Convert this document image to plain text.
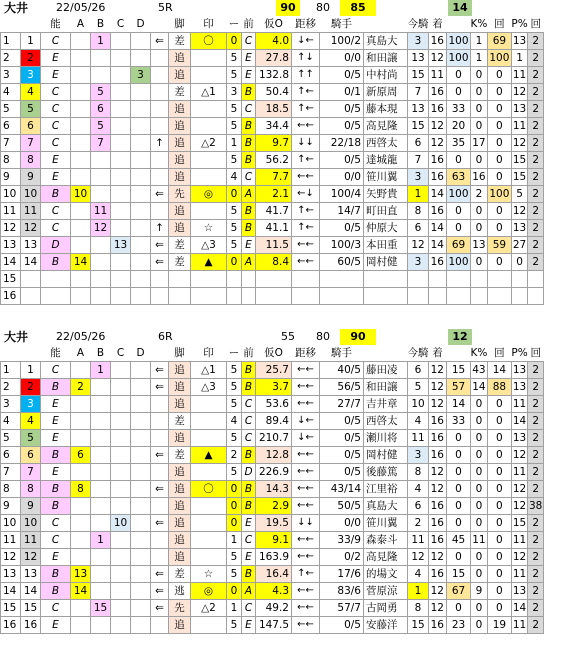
大井	22/05/26	5R	90	80	85	14
		能	A	B	C	D		脚	印	ー	前	仮O	距移	騎手		今騎	着		K%	回	P%	回
1	1	C		1			⇐	差	〇	0	C	4.0	↓←	100/2	真島大	3	16	100	1	69	13	2
2	2	E						追		5	E	27.8	↑↓	0/0	和田譲	13	12	100	1	100	1	2
3	3	E				3		追		5	E	132.8	↑↑	0/5	中村尚	15	11	0	0	0	11	2
4	4	C		5				差	△1	3	B	50.4	↑←	0/1	新原周	7	16	0	0	0	12	2
5	5	C		6				追		5	C	18.5	↑←	0/5	藤本現	13	16	33	0	0	13	2
6	6	C		5				追		5	B	34.4	←←	0/5	高見隆	15	12	20	0	0	11	2
7	7	C		7			↑	追	△2	1	B	9.7	↓↓	22/18	西啓太	6	12	35	17	0	12	2
8	8	E						追		5	B	56.2	↑←	0/5	達城龍	7	16	0	0	0	15	2
9	9	E						追		4	C	7.7	←←	0/0	笹川翼	3	16	63	16	0	15	2
10	10	B	10				⇐	先	◎	0	A	2.1	←↓	100/4	矢野貴	1	14	100	2	100	5	2
11	11	C		11				追		5	B	41.7	↑←	14/7	町田直	8	16	0	0	0	12	2
12	12	C		12			↑	追	☆	5	B	41.1	↑←	0/5	仲原大	6	14	0	0	0	13	2
13	13	D			13		⇐	差	△3	5	E	11.5	←←	100/3	本田重	12	14	69	13	59	27	2
14	14	B	14				⇐	差	▲	0	A	8.4	←←	60/5	岡村健	3	16	100	0	0	0	2
15																						
16																						
大井	22/05/26	6R	55	80	90	12
		能	A	B	C	D		脚	印	ー	前	仮O	距移	騎手		今騎	着		K%	回	P%	回
1	1	C		1			⇐	追	△1	5	B	25.7	←←	40/5	藤田凌	6	12	15	43	14	13	2
2	2	B	2				⇐	追	△3	5	B	3.7	←←	56/5	和田譲	5	12	57	14	88	13	2
3	3	E						追		5	C	53.6	←←	27/7	吉井章	10	12	14	0	0	11	2
4	4	E						差		4	C	89.4	↓←	0/5	西啓太	4	16	33	0	0	14	2
5	5	E						追		5	C	210.7	↓←	0/5	瀬川将	11	16	0	0	0	13	2
6	6	B	6				⇐	差	▲	2	B	12.8	←←	0/5	岡村健	3	16	0	0	0	12	2
7	7	E						追		5	D	226.9	←←	0/5	後藤篤	8	12	0	0	0	11	2
8	8	B	8				⇐	追	〇	0	B	14.3	←←	43/14	江里裕	4	12	0	0	0	12	2
9	9	B						追		0	B	2.9	←←	50/5	真島大	6	16	0	0	0	12	38
10	10	C			10		⇐	追		0	E	19.5	↓↓	0/0	笹川翼	2	16	0	0	0	15	2
11	11	C		1				追		1	C	9.1	←←	33/9	森泰斗	11	16	45	11	0	11	2
12	12	E						追		5	E	163.9	←←	0/2	高見隆	12	12	0	0	0	12	2
13	13	B	13				⇐	差	☆	5	B	16.4	↑←	17/6	的場文	4	16	15	0	0	11	2
14	14	B	14				⇐	逃	◎	0	A	4.3	←←	83/6	菅原涼	1	12	67	9	0	13	2
15	15	C		15			⇐	先	△2	1	C	49.2	←←	57/7	古岡勇	8	12	0	0	0	14	2
16	16	E						追		5	E	147.5	←←	0/5	安藤洋	15	16	23	0	19	11	2
